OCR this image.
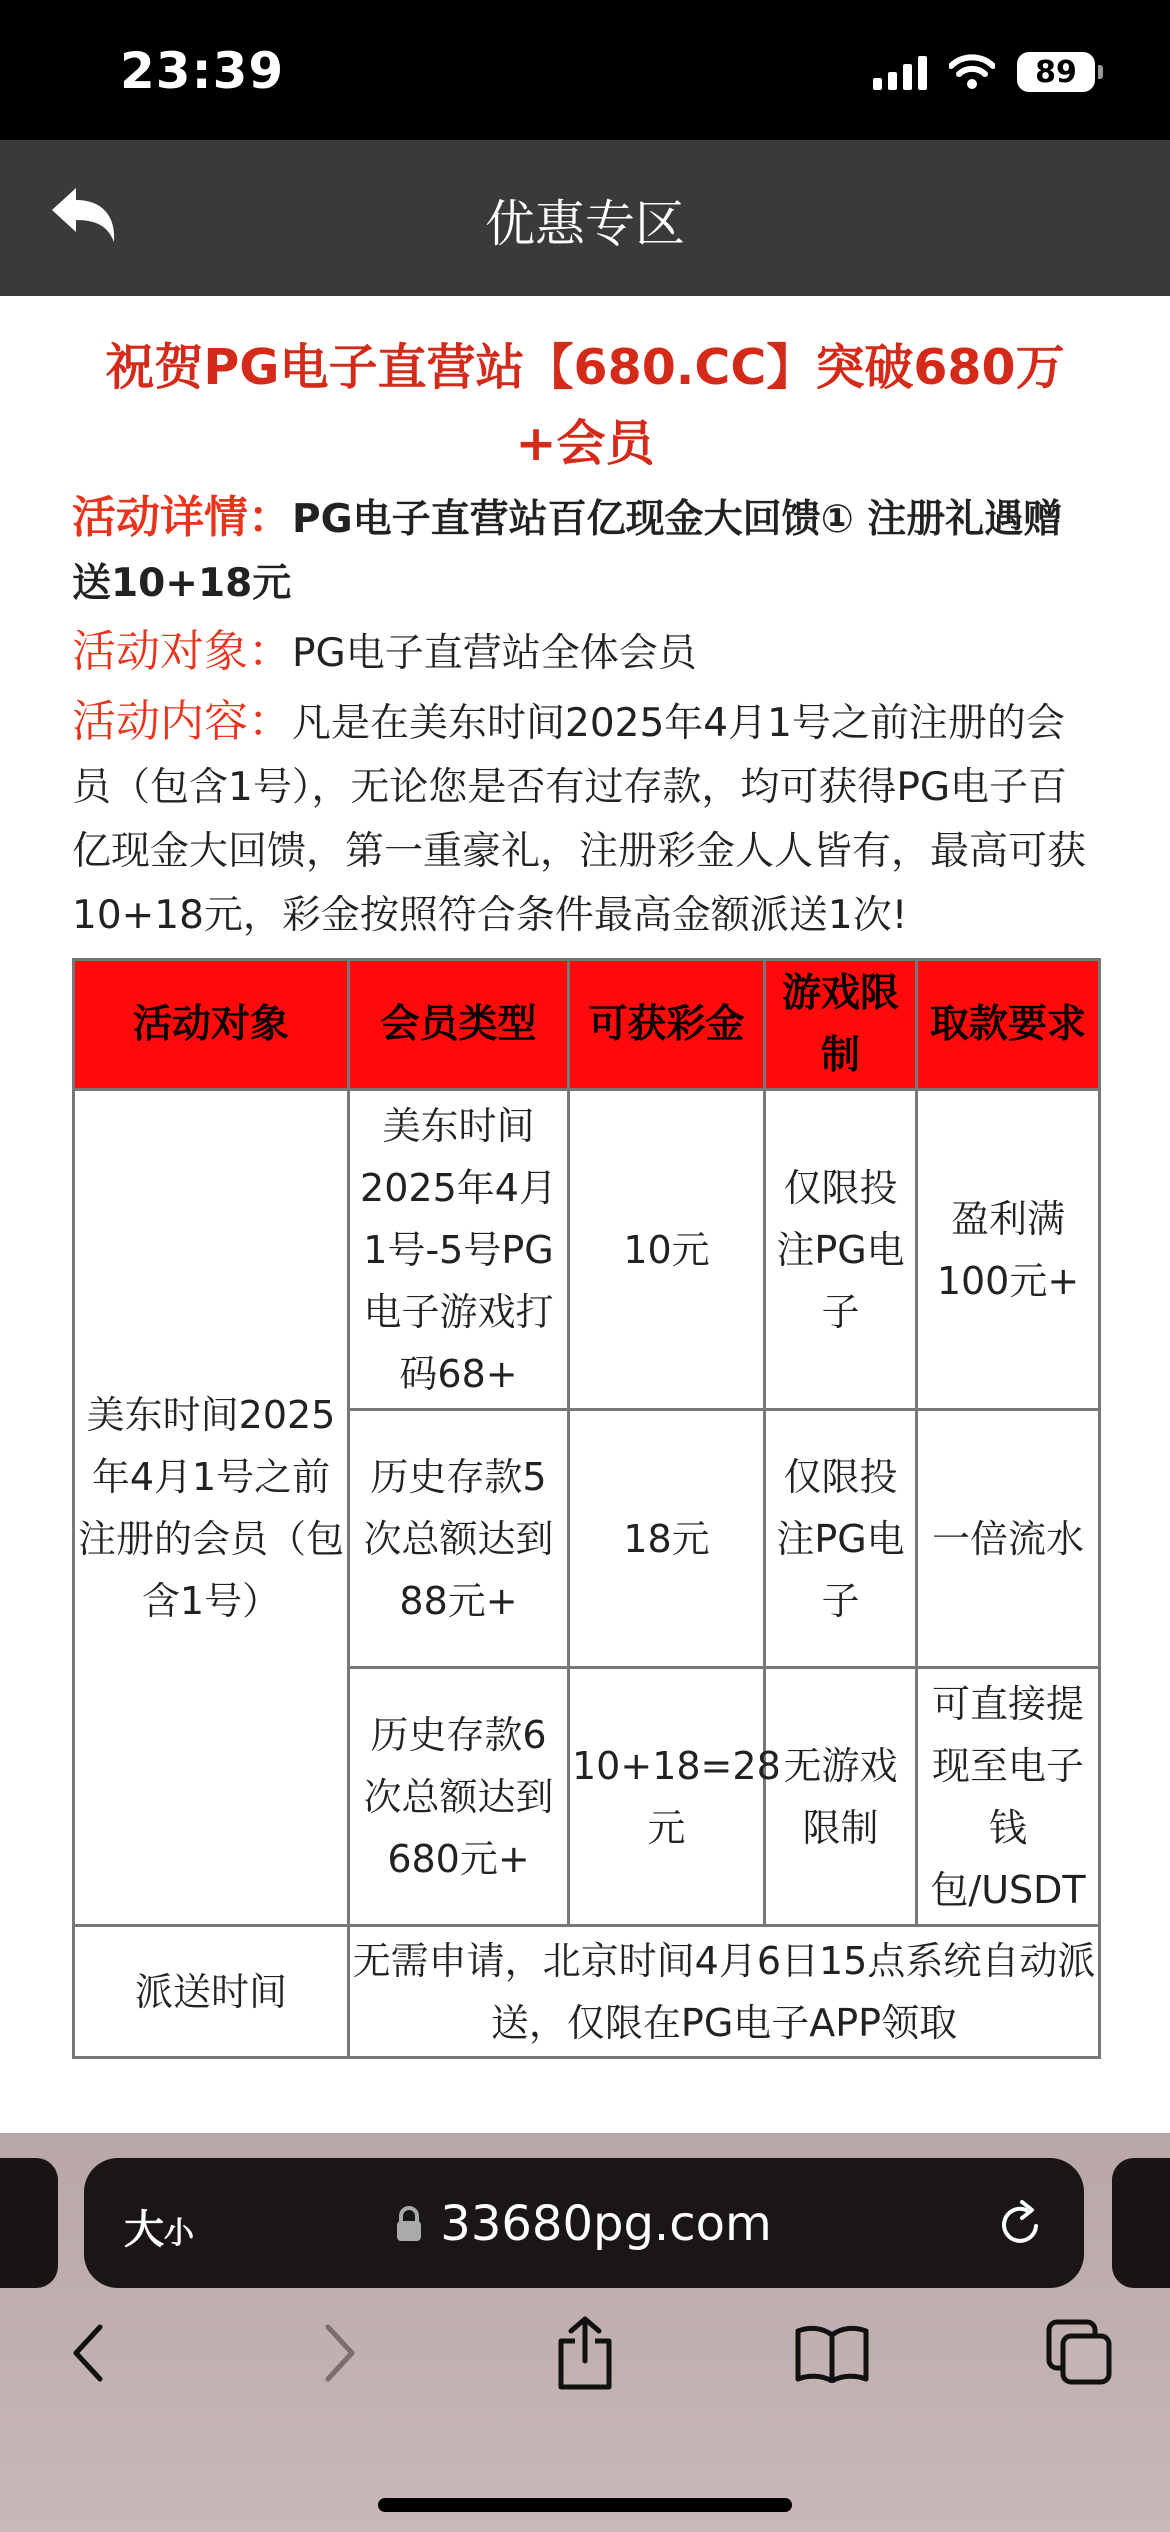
23:39	89
优惠专区
祝贺PG电子直营站【680.CC】突破680万+会员
活动详情：PG电子直营站百亿现金大回馈① 注册礼遇赠送10+18元
活动对象：PG电子直营站全体会员
活动内容：凡是在美东时间2025年4月1号之前注册的会员（包含1号），无论您是否有过存款，均可获得PG电子百亿现金大回馈，第一重豪礼，注册彩金人人皆有，最高可获10+18元，彩金按照符合条件最高金额派送1次!
活动对象	会员类型	可获彩金	游戏限制	取款要求
美东时间2025年4月1号之前注册的会员（包含1号）	美东时间2025年4月1号-5号PG电子游戏打码68+	10元	仅限投注PG电子	盈利满100元+
	历史存款5次总额达到88元+	18元	仅限投注PG电子	一倍流水
	历史存款6次总额达到680元+	10+18=28元	无游戏限制	可直接提现至电子钱包/USDT
派送时间	无需申请，北京时间4月6日15点系统自动派送，仅限在PG电子APP领取			
大小	33680pg.com
